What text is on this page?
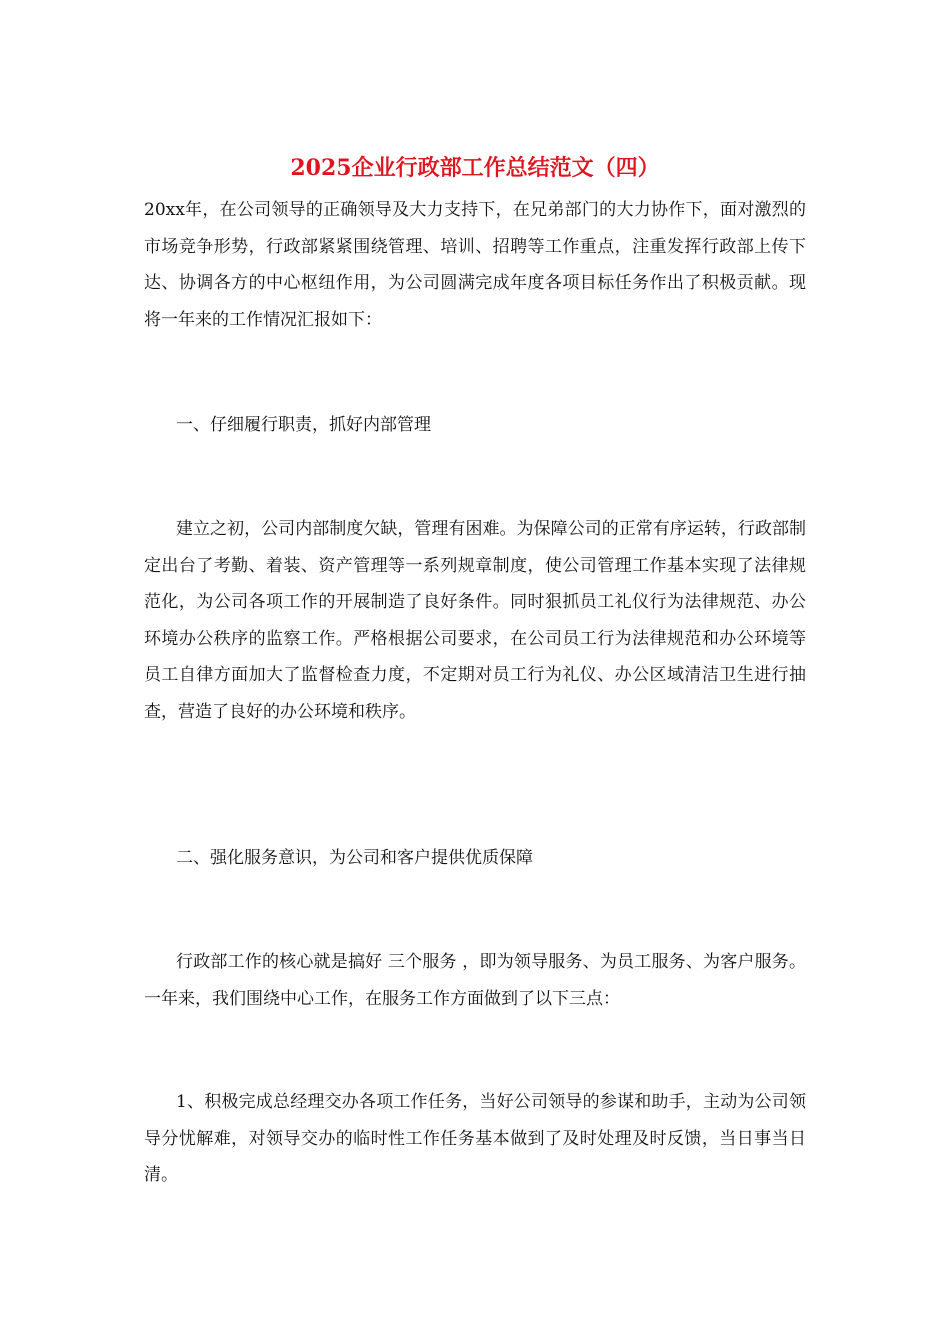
2025企业行政部工作总结范文（四）

20xx年，在公司领导的正确领导及大力支持下，在兄弟部门的大力协作下，面对激烈的市场竞争形势，行政部紧紧围绕管理、培训、招聘等工作重点，注重发挥行政部上传下达、协调各方的中心枢纽作用，为公司圆满完成年度各项目标任务作出了积极贡献。现将一年来的工作情况汇报如下：

一、仔细履行职责，抓好内部管理

建立之初，公司内部制度欠缺，管理有困难。为保障公司的正常有序运转，行政部制定出台了考勤、着装、资产管理等一系列规章制度，使公司管理工作基本实现了法律规范化，为公司各项工作的开展制造了良好条件。同时狠抓员工礼仪行为法律规范、办公环境办公秩序的监察工作。严格根据公司要求，在公司员工行为法律规范和办公环境等员工自律方面加大了监督检查力度，不定期对员工行为礼仪、办公区域清洁卫生进行抽查，营造了良好的办公环境和秩序。

二、强化服务意识，为公司和客户提供优质保障

行政部工作的核心就是搞好 三个服务 ，即为领导服务、为员工服务、为客户服务。一年来，我们围绕中心工作，在服务工作方面做到了以下三点：

1、积极完成总经理交办各项工作任务，当好公司领导的参谋和助手，主动为公司领导分忧解难，对领导交办的临时性工作任务基本做到了及时处理及时反馈，当日事当日清。
